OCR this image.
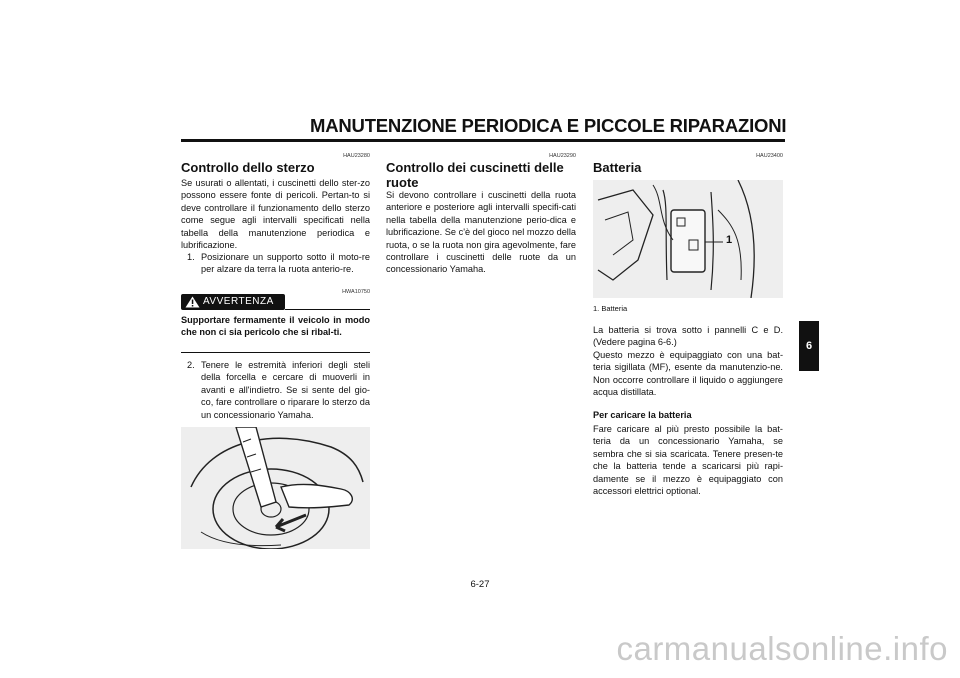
MANUTENZIONE PERIODICA E PICCOLE RIPARAZIONI
HAU23280
Controllo dello sterzo
Se usurati o allentati, i cuscinetti dello ster-zo possono essere fonte di pericoli. Pertan-to si deve controllare il funzionamento dello sterzo come segue agli intervalli specificati nella tabella della manutenzione periodica e lubrificazione.
1. Posizionare un supporto sotto il moto-re per alzare da terra la ruota anterio-re.
HWA10750
AVVERTENZA
Supportare fermamente il veicolo in modo che non ci sia pericolo che si ribal-ti.
2. Tenere le estremità inferiori degli steli della forcella e cercare di muoverli in avanti e all'indietro. Se si sente del gio-co, fare controllare o riparare lo sterzo da un concessionario Yamaha.
HAU23290
Controllo dei cuscinetti delle ruote
Si devono controllare i cuscinetti della ruota anteriore e posteriore agli intervalli specifi-cati nella tabella della manutenzione perio-dica e lubrificazione. Se c'è del gioco nel mozzo della ruota, o se la ruota non gira agevolmente, fare controllare i cuscinetti delle ruote da un concessionario Yamaha.
HAU23400
Batteria
1
1. Batteria
La batteria si trova sotto i pannelli C e D. (Vedere pagina 6-6.)
Questo mezzo è equipaggiato con una bat-teria sigillata (MF), esente da manutenzio-ne. Non occorre controllare il liquido o aggiungere acqua distillata.
Per caricare la batteria
Fare caricare al più presto possibile la bat-teria da un concessionario Yamaha, se sembra che si sia scaricata. Tenere presen-te che la batteria tende a scaricarsi più rapi-damente se il mezzo è equipaggiato con accessori elettrici optional.
6
6-27
carmanualsonline.info
